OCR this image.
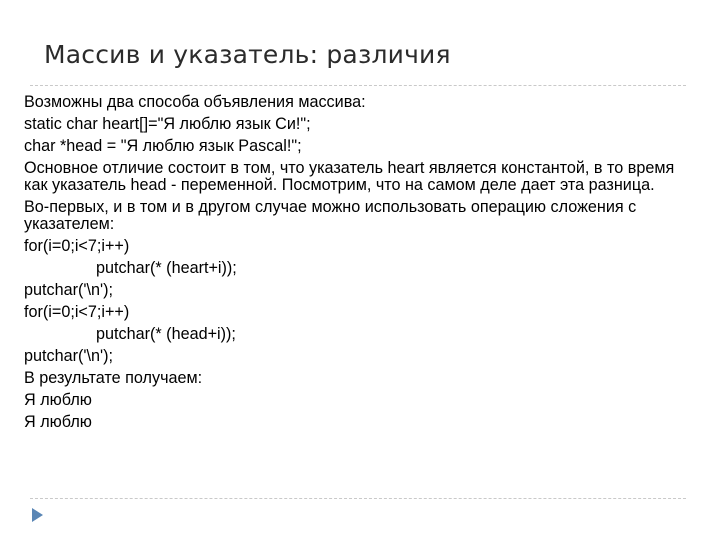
Массив и указатель: различия
Возможны два способа объявления массива:
static char heart[]="Я люблю язык Си!";
char *head = "Я люблю язык Pascal!";
Основное отличие состоит в том, что указатель heart является константой, в то время как указатель head - переменной. Посмотрим, что на самом деле дает эта разница.
Во-первых, и в том и в другом случае можно использовать операцию сложения с указателем:
for(i=0;i<7;i++)
putchar(* (heart+i));
putchar('\n');
for(i=0;i<7;i++)
putchar(* (head+i));
putchar('\n');
В результате получаем:
Я люблю
Я люблю
